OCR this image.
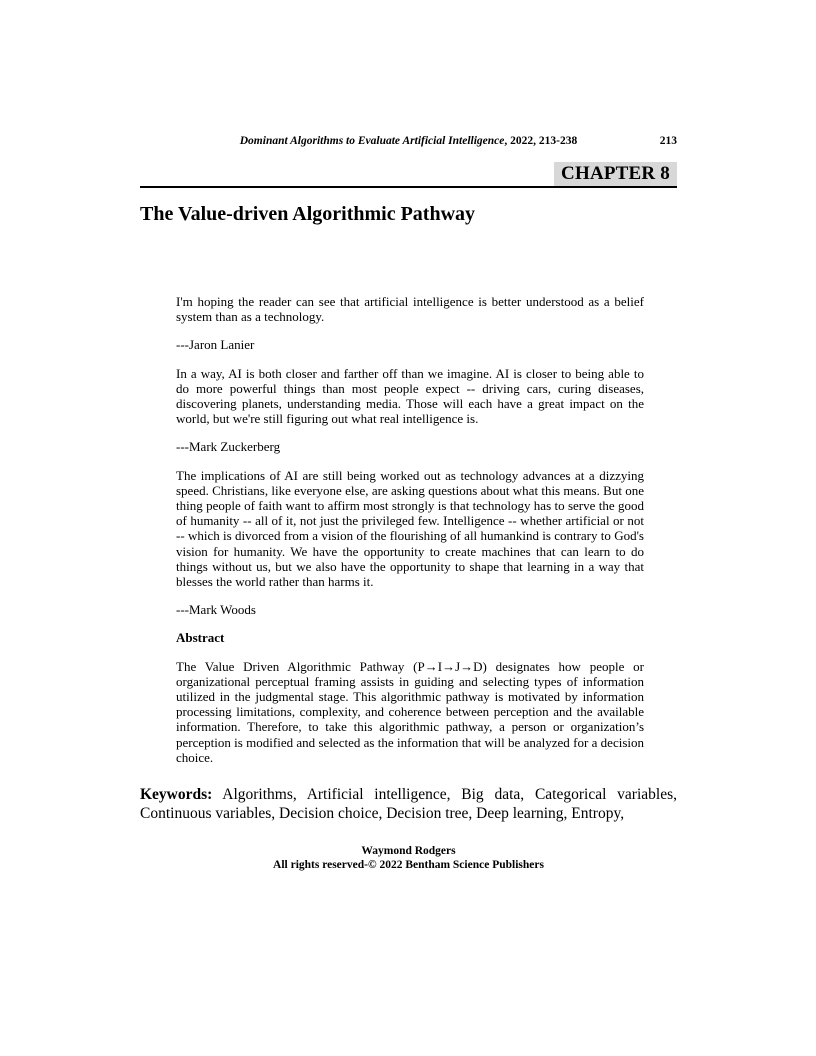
Dominant Algorithms to Evaluate Artificial Intelligence, 2022, 213-238	213
CHAPTER 8
The Value-driven Algorithmic Pathway

I'm hoping the reader can see that artificial intelligence is better understood as a belief system than as a technology.

---Jaron Lanier

In a way, AI is both closer and farther off than we imagine. AI is closer to being able to do more powerful things than most people expect -- driving cars, curing diseases, discovering planets, understanding media. Those will each have a great impact on the world, but we're still figuring out what real intelligence is.

---Mark Zuckerberg

The implications of AI are still being worked out as technology advances at a dizzying speed. Christians, like everyone else, are asking questions about what this means. But one thing people of faith want to affirm most strongly is that technology has to serve the good of humanity -- all of it, not just the privileged few. Intelligence -- whether artificial or not -- which is divorced from a vision of the flourishing of all humankind is contrary to God's vision for humanity. We have the opportunity to create machines that can learn to do things without us, but we also have the opportunity to shape that learning in a way that blesses the world rather than harms it.

---Mark Woods

Abstract

The Value Driven Algorithmic Pathway (P→I→J→D) designates how people or organizational perceptual framing assists in guiding and selecting types of information utilized in the judgmental stage. This algorithmic pathway is motivated by information processing limitations, complexity, and coherence between perception and the available information. Therefore, to take this algorithmic pathway, a person or organization’s perception is modified and selected as the information that will be analyzed for a decision choice.

Keywords: Algorithms, Artificial intelligence, Big data, Categorical variables, Continuous variables, Decision choice, Decision tree, Deep learning, Entropy,
Waymond Rodgers
All rights reserved-© 2022 Bentham Science Publishers
